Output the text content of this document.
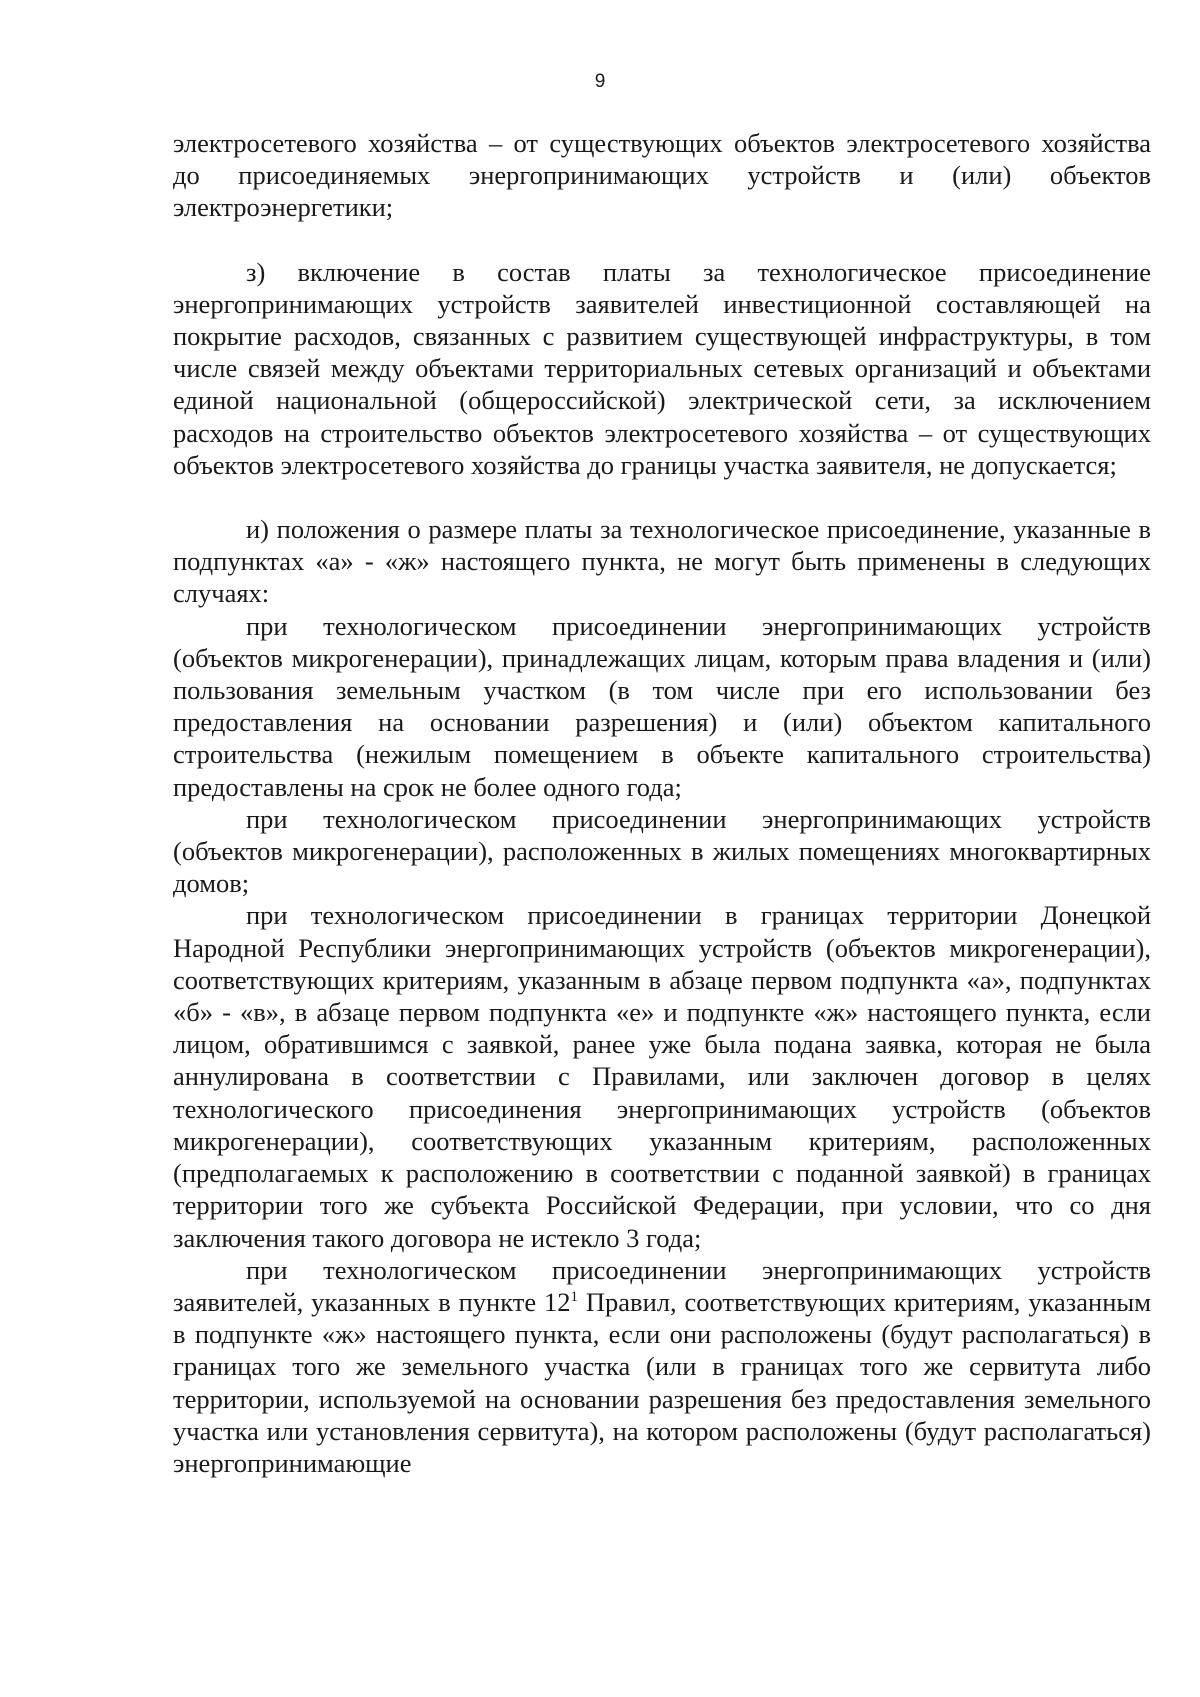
9

электросетевого хозяйства – от существующих объектов электросетевого хозяйства до присоединяемых энергопринимающих устройств и (или) объектов электроэнергетики;

з) включение в состав платы за технологическое присоединение энергопринимающих устройств заявителей инвестиционной составляющей на покрытие расходов, связанных с развитием существующей инфраструктуры, в том числе связей между объектами территориальных сетевых организаций и объектами единой национальной (общероссийской) электрической сети, за исключением расходов на строительство объектов электросетевого хозяйства – от существующих объектов электросетевого хозяйства до границы участка заявителя, не допускается;

и) положения о размере платы за технологическое присоединение, указанные в подпунктах «а» - «ж» настоящего пункта, не могут быть применены в следующих случаях:

при технологическом присоединении энергопринимающих устройств (объектов микрогенерации), принадлежащих лицам, которым права владения и (или) пользования земельным участком (в том числе при его использовании без предоставления на основании разрешения) и (или) объектом капитального строительства (нежилым помещением в объекте капитального строительства) предоставлены на срок не более одного года;

при технологическом присоединении энергопринимающих устройств (объектов микрогенерации), расположенных в жилых помещениях многоквартирных домов;

при технологическом присоединении в границах территории Донецкой Народной Республики энергопринимающих устройств (объектов микрогенерации), соответствующих критериям, указанным в абзаце первом подпункта «а», подпунктах «б» - «в», в абзаце первом подпункта «е» и подпункте «ж» настоящего пункта, если лицом, обратившимся с заявкой, ранее уже была подана заявка, которая не была аннулирована в соответствии с Правилами, или заключен договор в целях технологического присоединения энергопринимающих устройств (объектов микрогенерации), соответствующих указанным критериям, расположенных (предполагаемых к расположению в соответствии с поданной заявкой) в границах территории того же субъекта Российской Федерации, при условии, что со дня заключения такого договора не истекло 3 года;

при технологическом присоединении энергопринимающих устройств заявителей, указанных в пункте $12^1$ Правил, соответствующих критериям, указанным в подпункте «ж» настоящего пункта, если они расположены (будут располагаться) в границах того же земельного участка (или в границах того же сервитута либо территории, используемой на основании разрешения без предоставления земельного участка или установления сервитута), на котором расположены (будут располагаться) энергопринимающие
